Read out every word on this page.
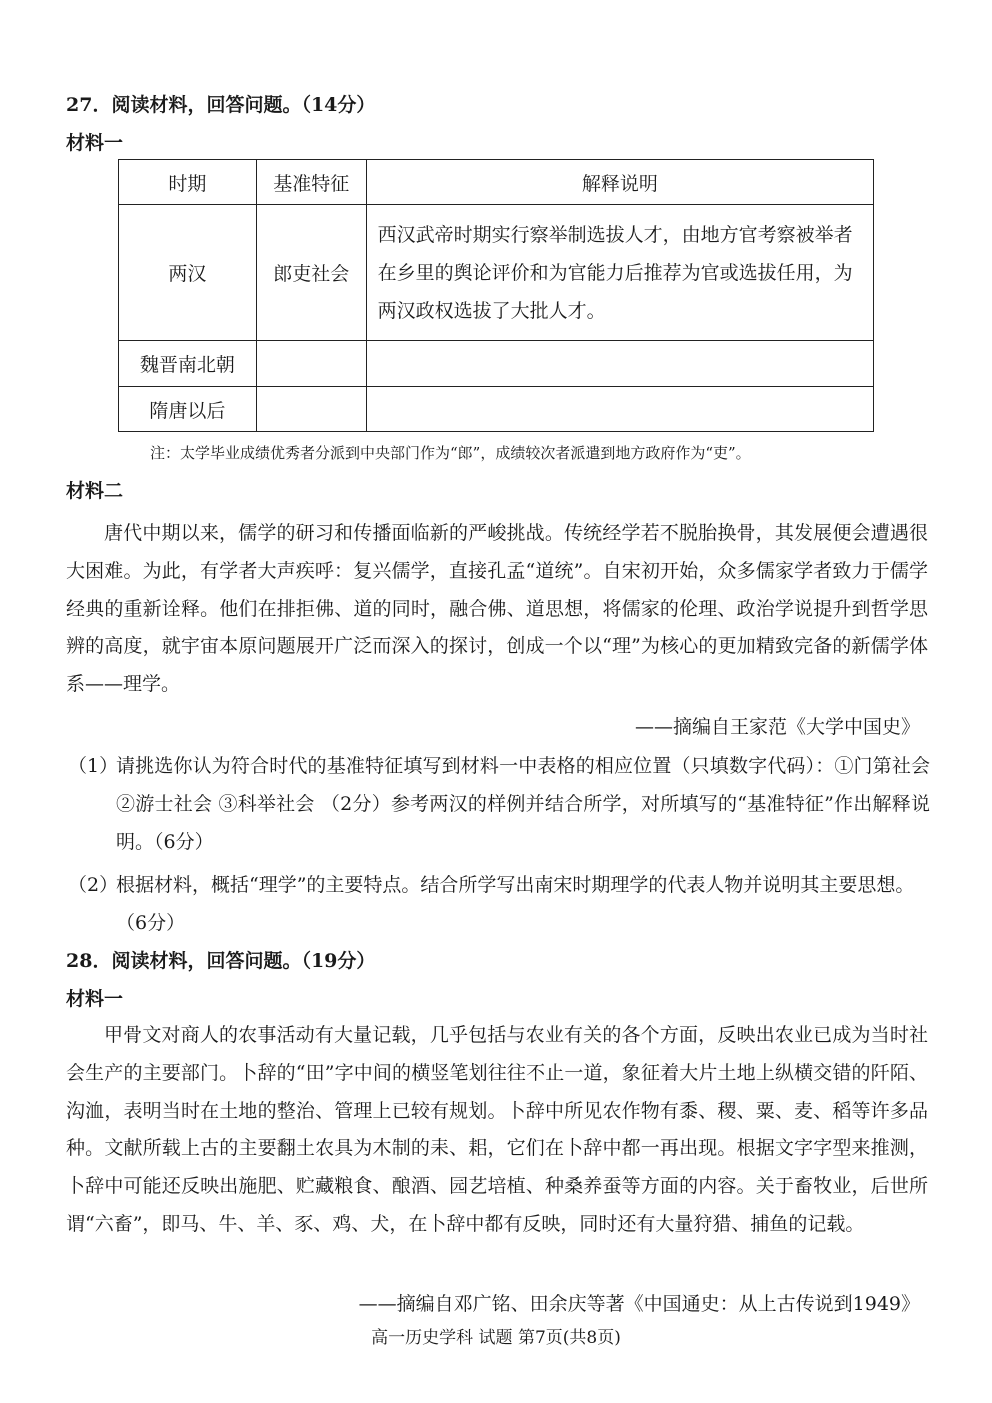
27．阅读材料，回答问题。（14分）
材料一
时期	基准特征	解释说明
两汉	郎吏社会	西汉武帝时期实行察举制选拔人才，由地方官考察被举者在乡里的舆论评价和为官能力后推荐为官或选拔任用，为两汉政权选拔了大批人才。
魏晋南北朝		
隋唐以后		
注：太学毕业成绩优秀者分派到中央部门作为“郎”，成绩较次者派遣到地方政府作为“吏”。
材料二

唐代中期以来，儒学的研习和传播面临新的严峻挑战。传统经学若不脱胎换骨，其发展便会遭遇很大困难。为此，有学者大声疾呼：复兴儒学，直接孔孟“道统”。自宋初开始，众多儒家学者致力于儒学经典的重新诠释。他们在排拒佛、道的同时，融合佛、道思想，将儒家的伦理、政治学说提升到哲学思辨的高度，就宇宙本原问题展开广泛而深入的探讨，创成一个以“理”为核心的更加精致完备的新儒学体系——理学。

——摘编自王家范《大学中国史》
（1）
请挑选你认为符合时代的基准特征填写到材料一中表格的相应位置（只填数字代码）：①门第社会 ②游士社会 ③科举社会 （2分）参考两汉的样例并结合所学，对所填写的“基准特征”作出解释说明。（6分）
（2）
根据材料，概括“理学”的主要特点。结合所学写出南宋时期理学的代表人物并说明其主要思想。
（6分）
28．阅读材料，回答问题。（19分）
材料一

甲骨文对商人的农事活动有大量记载，几乎包括与农业有关的各个方面，反映出农业已成为当时社会生产的主要部门。卜辞的“田”字中间的横竖笔划往往不止一道，象征着大片土地上纵横交错的阡陌、沟洫，表明当时在土地的整治、管理上已较有规划。卜辞中所见农作物有黍、稷、粟、麦、稻等许多品种。文献所载上古的主要翻土农具为木制的耒、耜，它们在卜辞中都一再出现。根据文字字型来推测，卜辞中可能还反映出施肥、贮藏粮食、酿酒、园艺培植、种桑养蚕等方面的内容。关于畜牧业，后世所谓“六畜”，即马、牛、羊、豕、鸡、犬，在卜辞中都有反映，同时还有大量狩猎、捕鱼的记载。

——摘编自邓广铭、田余庆等著《中国通史：从上古传说到1949》
高一历史学科 试题 第7页(共8页)
